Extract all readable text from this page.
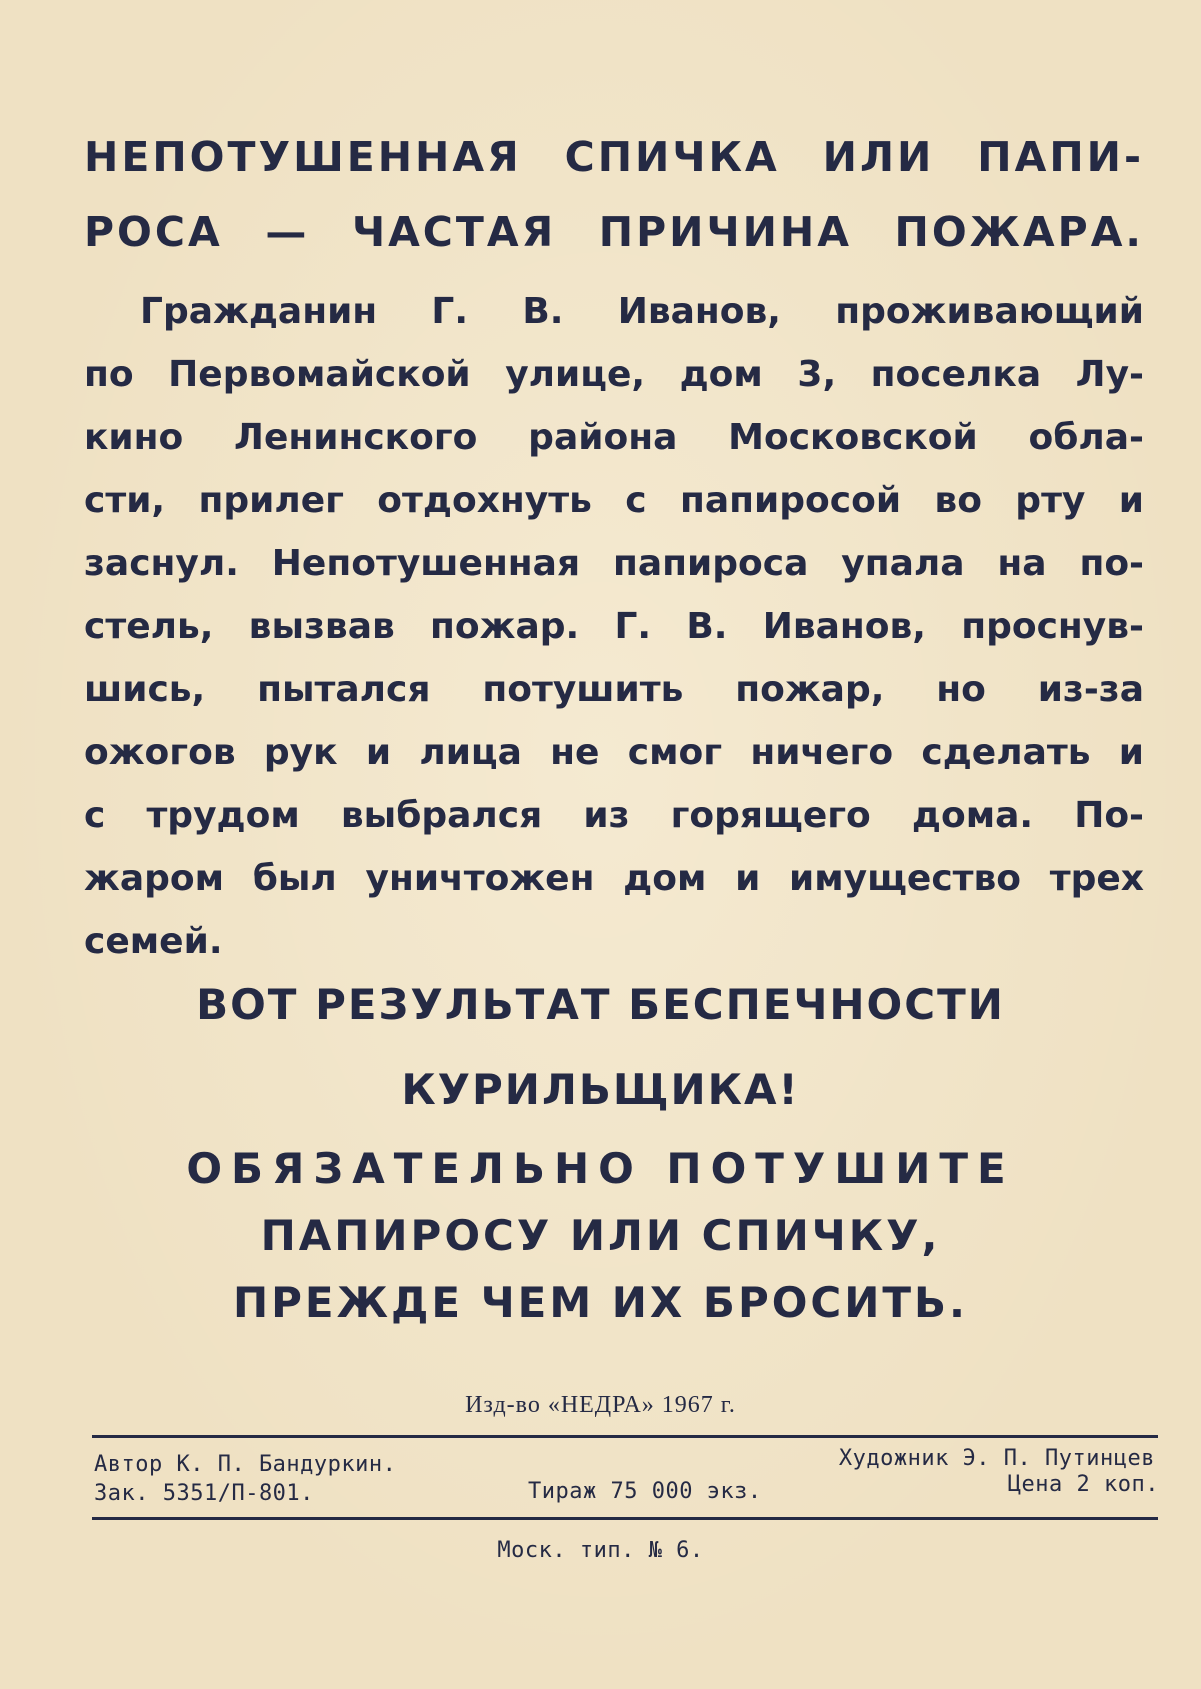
НЕПОТУШЕННАЯ СПИЧКА ИЛИ ПАПИ-
РОСА — ЧАСТАЯ ПРИЧИНА ПОЖАРА.

Гражданин Г. В. Иванов, проживающий
по Первомайской улице, дом 3, поселка Лу-
кино Ленинского района Московской обла-
сти, прилег отдохнуть с папиросой во рту и
заснул. Непотушенная папироса упала на по-
стель, вызвав пожар. Г. В. Иванов, проснув-
шись, пытался потушить пожар, но из-за
ожогов рук и лица не смог ничего сделать и
с трудом выбрался из горящего дома. По-
жаром был уничтожен дом и имущество трех
семей.

ВОТ РЕЗУЛЬТАТ БЕСПЕЧНОСТИ

КУРИЛЬЩИКА!

ОБЯЗАТЕЛЬНО ПОТУШИТЕ
ПАПИРОСУ ИЛИ СПИЧКУ,
ПРЕЖДЕ ЧЕМ ИХ БРОСИТЬ.

Изд-во «НЕДРА» 1967 г.
Автор К. П. Бандуркин.	Художник Э. П. Путинцев
Зак. 5351/П-801.	Тираж 75 000 экз.	Цена 2 коп.
Моск. тип. № 6.
